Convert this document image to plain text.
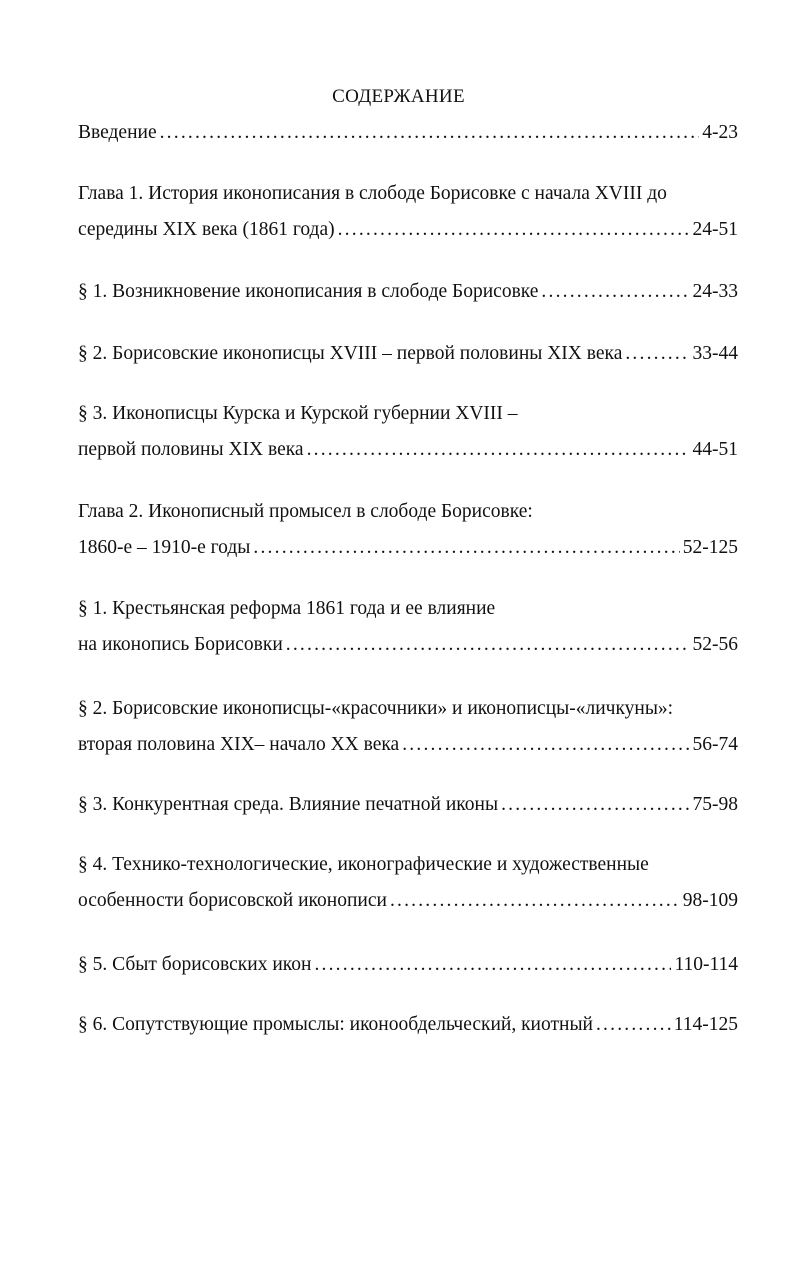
СОДЕРЖАНИЕ
Введение .....	4-23
Глава 1. История иконописания в слободе Борисовке с начала XVIII до
середины XIX века (1861 года) .....	24-51
§ 1. Возникновение иконописания в слободе Борисовке .....	24-33
§ 2. Борисовские иконописцы XVIII – первой половины XIX века .....	33-44
§ 3. Иконописцы Курска и Курской губернии XVIII –
первой половины XIX века .....	44-51
Глава 2. Иконописный промысел в слободе Борисовке:
1860-е – 1910-е годы .....	52-125
§ 1. Крестьянская реформа 1861 года и ее влияние
на иконопись Борисовки .....	52-56
§ 2. Борисовские иконописцы-«красочники» и иконописцы-«личкуны»:
вторая половина XIX– начало XX века .....	56-74
§ 3. Конкурентная среда. Влияние печатной иконы .....	75-98
§ 4. Технико-технологические, иконографические и художественные
особенности борисовской иконописи .....	98-109
§ 5. Сбыт борисовских икон .....	110-114
§ 6. Сопутствующие промыслы: иконообдельческий, киотный .....	114-125
